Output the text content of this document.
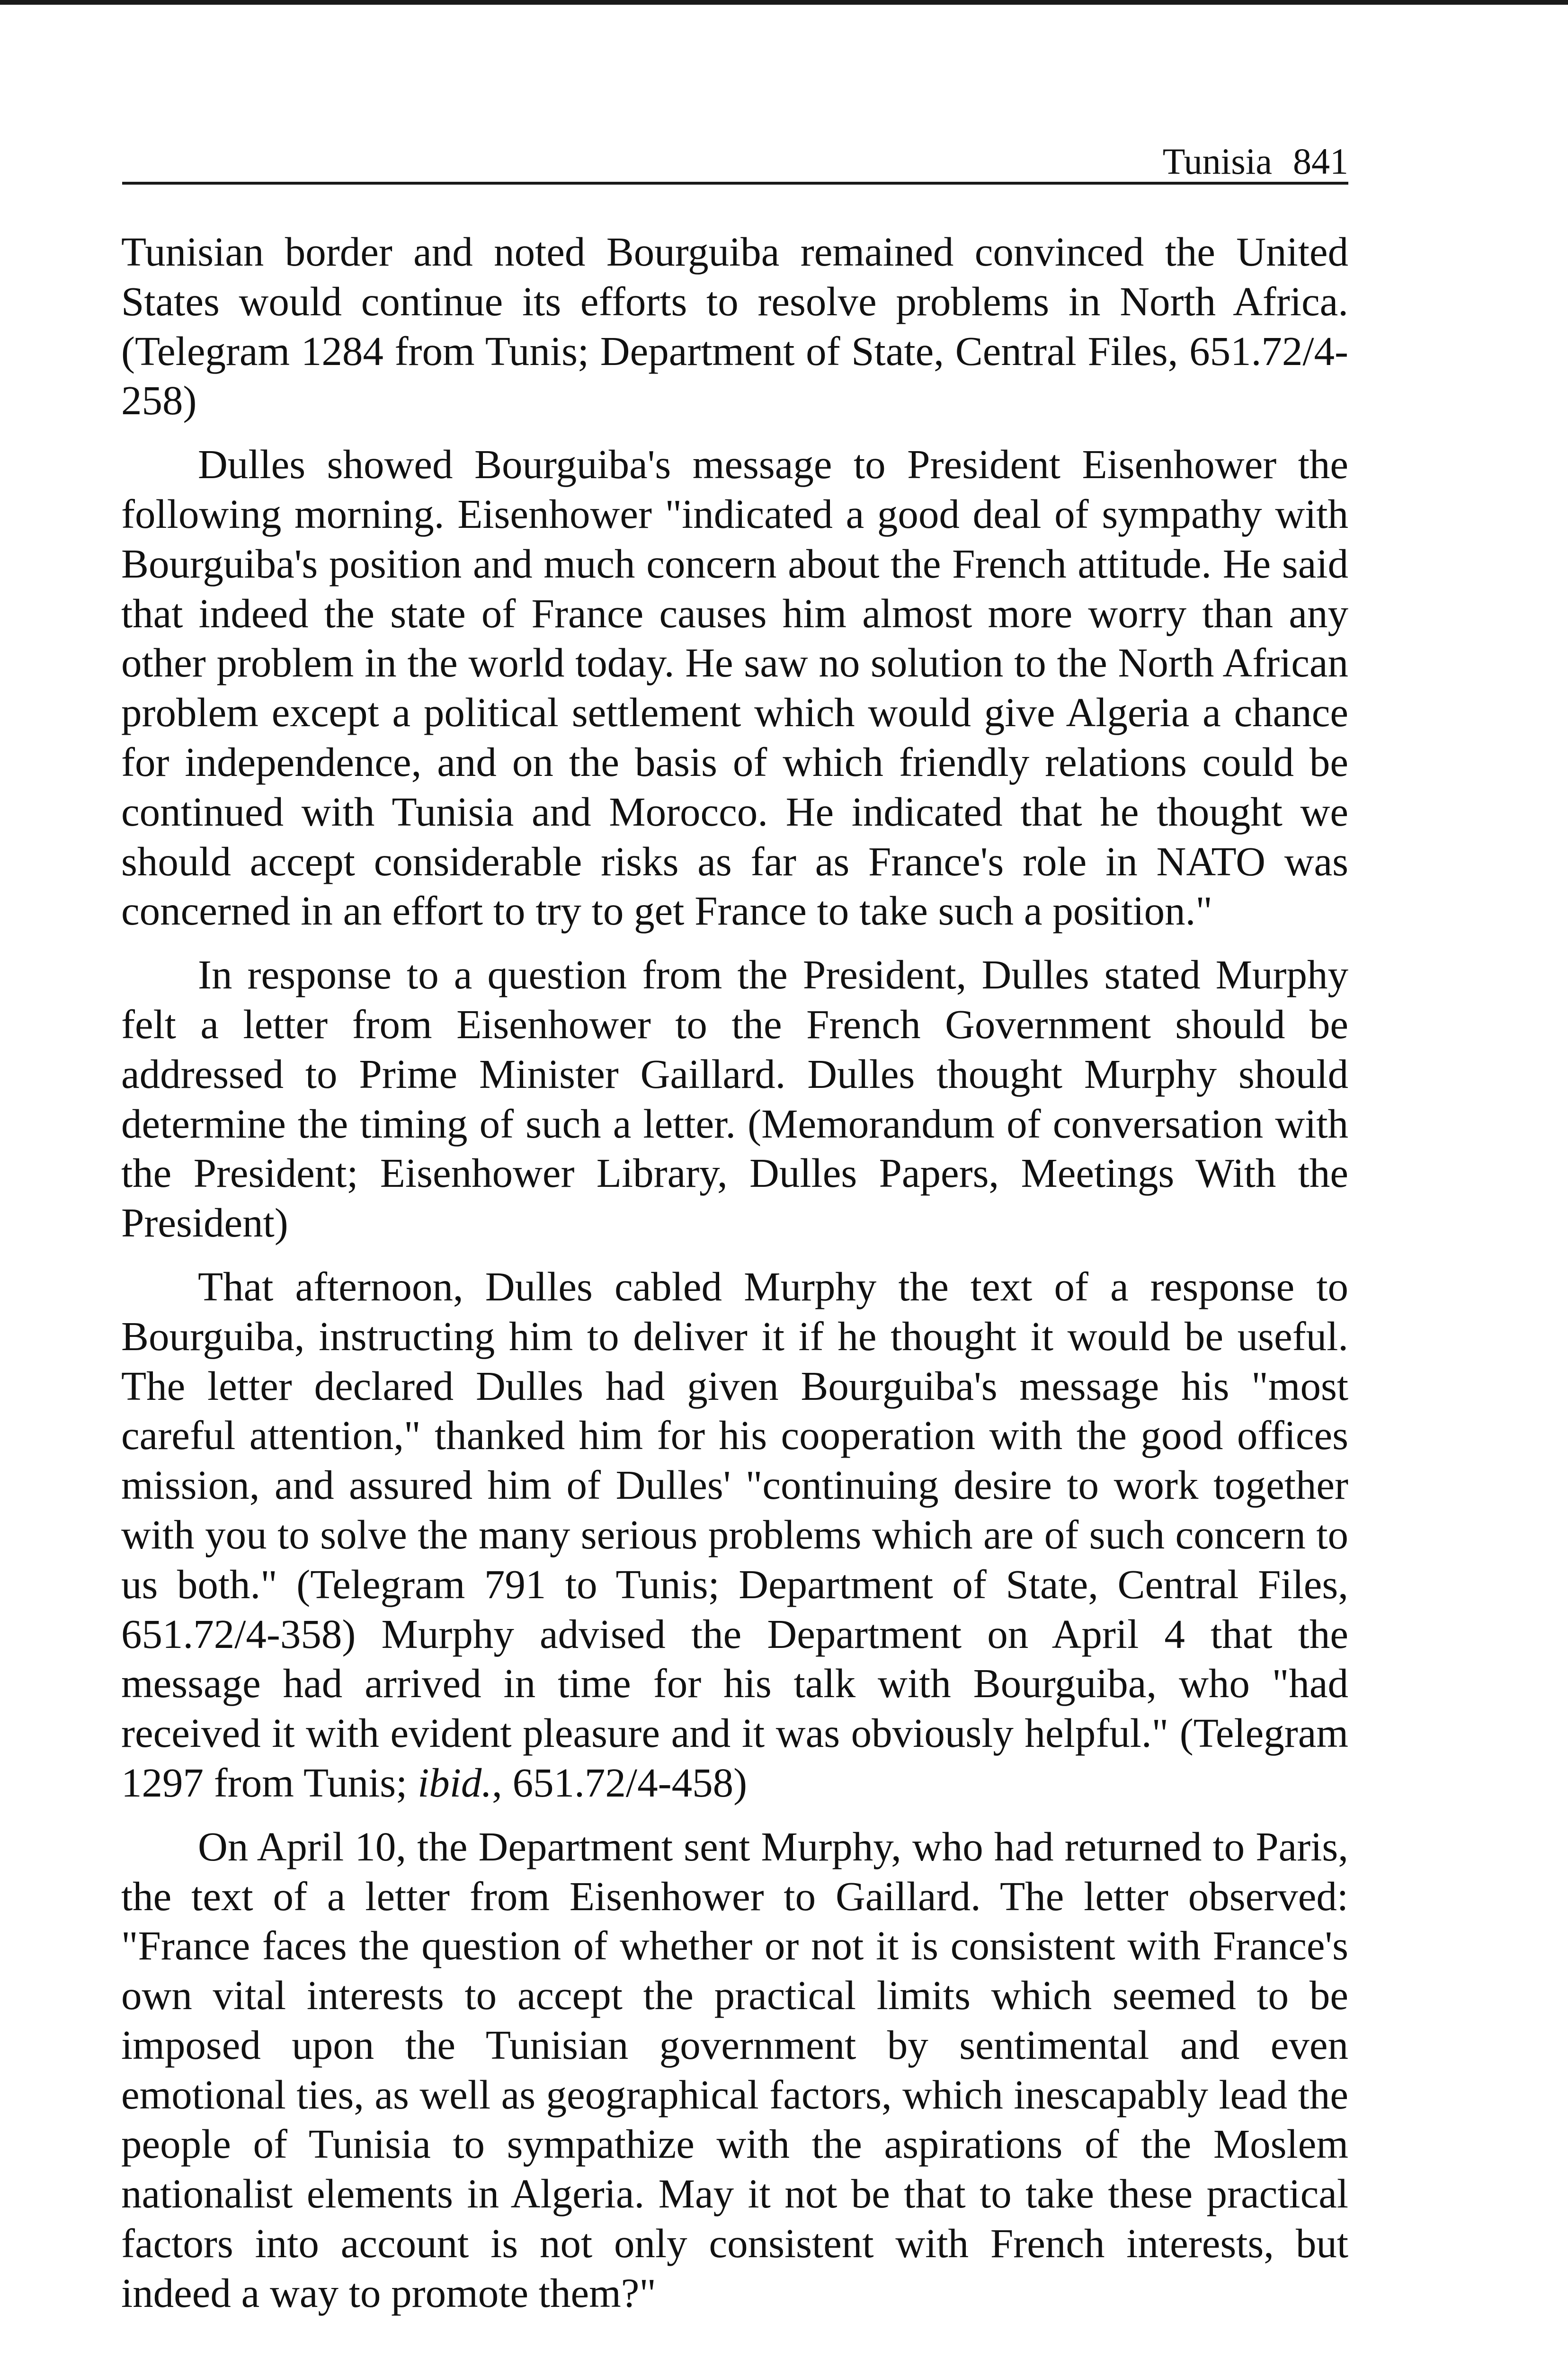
Tunisia 841

Tunisian border and noted Bourguiba remained convinced the United States would continue its efforts to resolve problems in North Africa. (Telegram 1284 from Tunis; Department of State, Central Files, 651.72/4-258)

Dulles showed Bourguiba's message to President Eisenhower the following morning. Eisenhower "indicated a good deal of sympathy with Bourguiba's position and much concern about the French attitude. He said that indeed the state of France causes him almost more worry than any other problem in the world today. He saw no solution to the North African problem except a political settlement which would give Algeria a chance for independence, and on the basis of which friendly relations could be continued with Tunisia and Morocco. He indicated that he thought we should accept considerable risks as far as France's role in NATO was concerned in an effort to try to get France to take such a position."

In response to a question from the President, Dulles stated Murphy felt a letter from Eisenhower to the French Government should be addressed to Prime Minister Gaillard. Dulles thought Murphy should determine the timing of such a letter. (Memorandum of conversation with the President; Eisenhower Library, Dulles Papers, Meetings With the President)

That afternoon, Dulles cabled Murphy the text of a response to Bourguiba, instructing him to deliver it if he thought it would be useful. The letter declared Dulles had given Bourguiba's message his "most careful attention," thanked him for his cooperation with the good offices mission, and assured him of Dulles' "continuing desire to work together with you to solve the many serious problems which are of such concern to us both." (Telegram 791 to Tunis; Department of State, Central Files, 651.72/4-358) Murphy advised the Department on April 4 that the message had arrived in time for his talk with Bourguiba, who "had received it with evident pleasure and it was obviously helpful." (Telegram 1297 from Tunis; ibid., 651.72/4-458)

On April 10, the Department sent Murphy, who had returned to Paris, the text of a letter from Eisenhower to Gaillard. The letter observed: "France faces the question of whether or not it is consistent with France's own vital interests to accept the practical limits which seemed to be imposed upon the Tunisian government by sentimental and even emotional ties, as well as geographical factors, which inescapably lead the people of Tunisia to sympathize with the aspirations of the Moslem nationalist elements in Algeria. May it not be that to take these practical factors into account is not only consistent with French interests, but indeed a way to promote them?"
